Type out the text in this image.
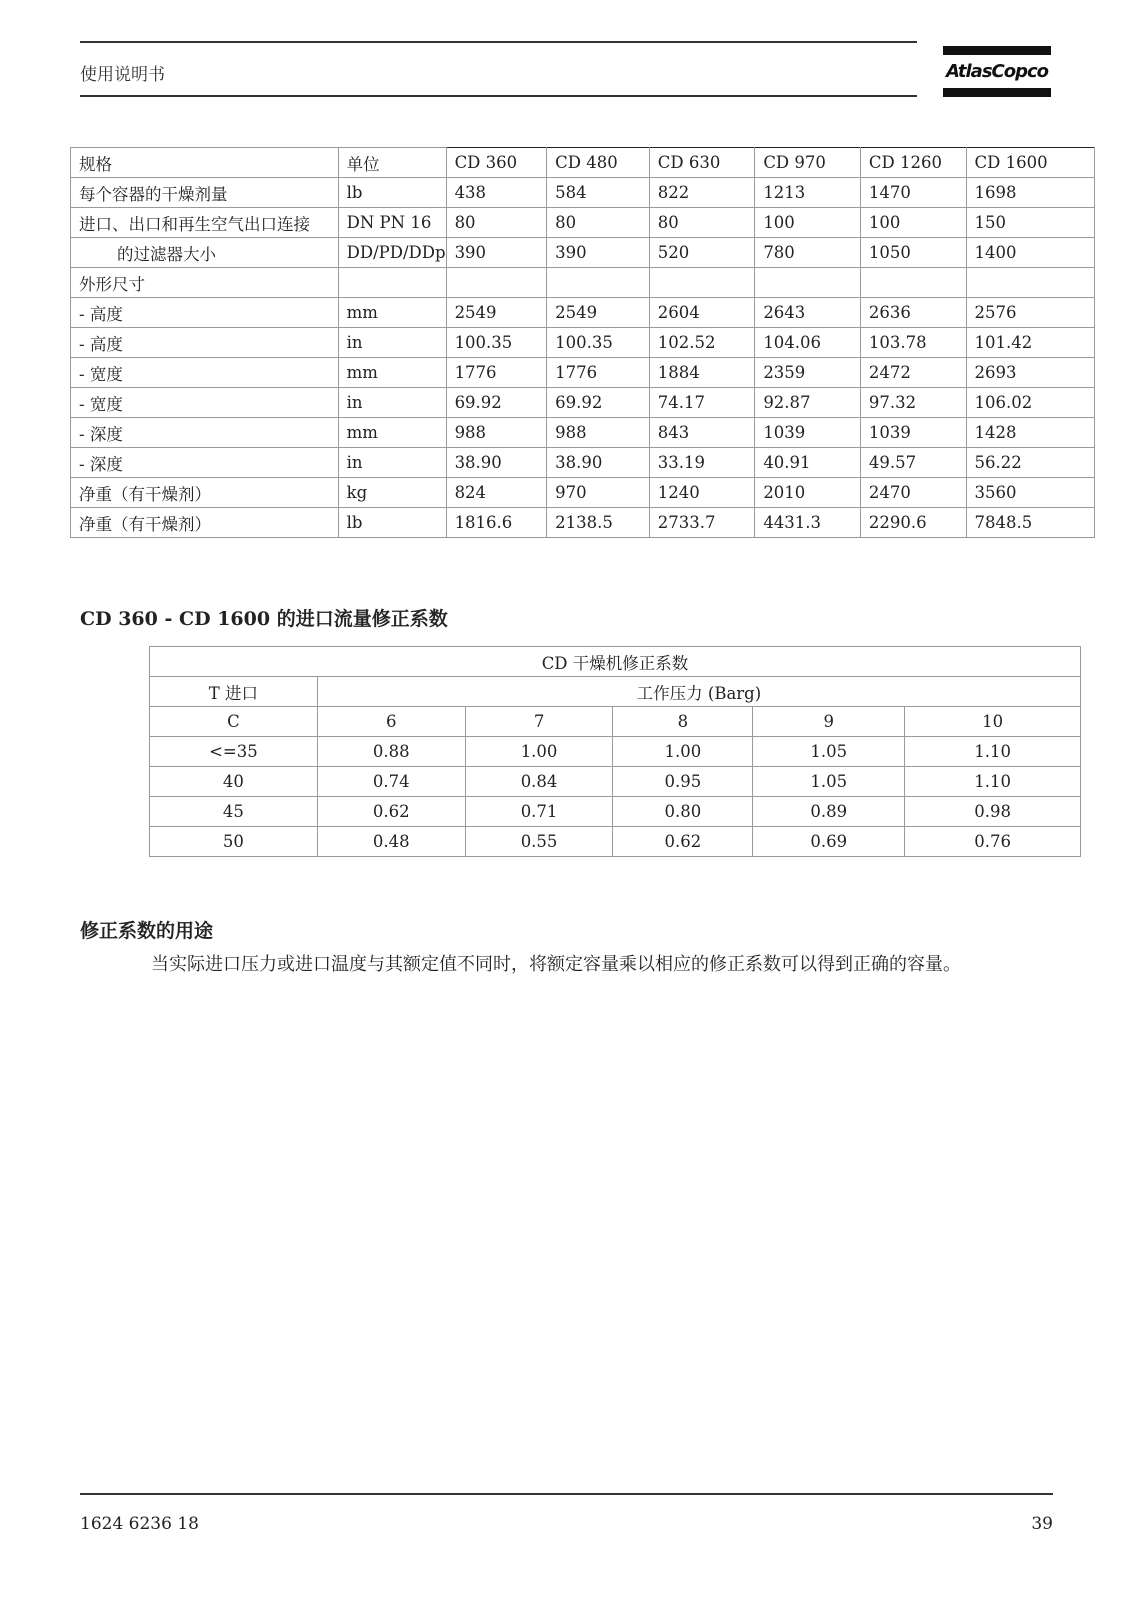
使用说明书	AtlasCopco
规格	单位	CD 360	CD 480	CD 630	CD 970	CD 1260	CD 1600
每个容器的干燥剂量	lb	438	584	822	1213	1470	1698
进口、出口和再生空气出口连接	DN PN 16	80	80	80	100	100	150
的过滤器大小	DD/PD/DDp	390	390	520	780	1050	1400
外形尺寸							
- 高度	mm	2549	2549	2604	2643	2636	2576
- 高度	in	100.35	100.35	102.52	104.06	103.78	101.42
- 宽度	mm	1776	1776	1884	2359	2472	2693
- 宽度	in	69.92	69.92	74.17	92.87	97.32	106.02
- 深度	mm	988	988	843	1039	1039	1428
- 深度	in	38.90	38.90	33.19	40.91	49.57	56.22
净重（有干燥剂）	kg	824	970	1240	2010	2470	3560
净重（有干燥剂）	lb	1816.6	2138.5	2733.7	4431.3	2290.6	7848.5
CD 360 - CD 1600 的进口流量修正系数
CD 干燥机修正系数					
T 进口	工作压力 (Barg)				
C	6	7	8	9	10
<=35	0.88	1.00	1.00	1.05	1.10
40	0.74	0.84	0.95	1.05	1.10
45	0.62	0.71	0.80	0.89	0.98
50	0.48	0.55	0.62	0.69	0.76
修正系数的用途
当实际进口压力或进口温度与其额定值不同时，将额定容量乘以相应的修正系数可以得到正确的容量。
1624 6236 18	39
